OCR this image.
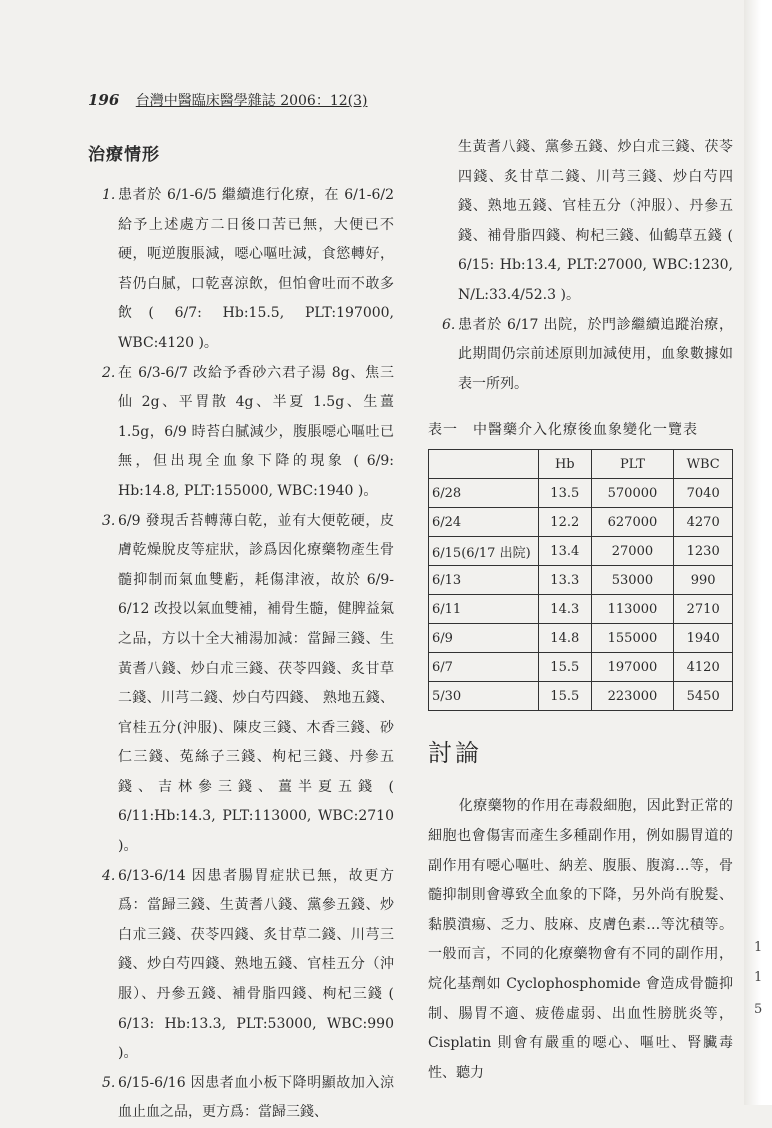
1
1
5
196 台灣中醫臨床醫學雜誌 2006：12(3)
治療情形

1. 患者於 6/1-6/5 繼續進行化療，在 6/1-6/2 給予上述處方二日後口苦已無，大便已不硬，呃逆腹脹減，噁心嘔吐減，食慾轉好，苔仍白膩，口乾喜涼飲，但怕會吐而不敢多飲( 6/7: Hb:15.5, PLT:197000, WBC:4120 )。

2. 在 6/3-6/7 改給予香砂六君子湯 8g、焦三仙 2g、平胃散 4g、半夏 1.5g、生薑 1.5g，6/9 時苔白膩減少，腹脹噁心嘔吐已無，但出現全血象下降的現象 ( 6/9: Hb:14.8, PLT:155000, WBC:1940 )。

3. 6/9 發現舌苔轉薄白乾，並有大便乾硬，皮膚乾燥脫皮等症狀，診爲因化療藥物產生骨髓抑制而氣血雙虧，耗傷津液，故於 6/9-6/12 改投以氣血雙補，補骨生髓，健脾益氣之品，方以十全大補湯加減：當歸三錢、生黃耆八錢、炒白朮三錢、茯苓四錢、炙甘草二錢、川芎二錢、炒白芍四錢、 熟地五錢、官桂五分(沖服)、陳皮三錢、木香三錢、砂仁三錢、菟絲子三錢、枸杞三錢、丹參五錢、吉林參三錢、薑半夏五錢 ( 6/11:Hb:14.3, PLT:113000, WBC:2710 )。

4. 6/13-6/14 因患者腸胃症狀已無，故更方爲：當歸三錢、生黃耆八錢、黨參五錢、炒白朮三錢、茯苓四錢、炙甘草二錢、川芎三錢、炒白芍四錢、熟地五錢、官桂五分（沖服）、丹參五錢、補骨脂四錢、枸杞三錢 ( 6/13: Hb:13.3, PLT:53000, WBC:990 )。

5. 6/15-6/16 因患者血小板下降明顯故加入涼血止血之品，更方爲：當歸三錢、

生黃耆八錢、黨參五錢、炒白朮三錢、茯苓四錢、炙甘草二錢、川芎三錢、炒白芍四錢、熟地五錢、官桂五分（沖服）、丹參五錢、補骨脂四錢、枸杞三錢、仙鶴草五錢 ( 6/15: Hb:13.4, PLT:27000, WBC:1230, N/L:33.4/52.3 )。

6. 患者於 6/17 出院，於門診繼續追蹤治療，此期間仍宗前述原則加減使用，血象數據如表一所列。

表一　中醫藥介入化療後血象變化一覽表
	Hb	PLT	WBC
6/28	13.5	570000	7040
6/24	12.2	627000	4270
6/15(6/17 出院)	13.4	27000	1230
6/13	13.3	53000	990
6/11	14.3	113000	2710
6/9	14.8	155000	1940
6/7	15.5	197000	4120
5/30	15.5	223000	5450
討論

化療藥物的作用在毒殺細胞，因此對正常的細胞也會傷害而產生多種副作用，例如腸胃道的副作用有噁心嘔吐、納差、腹脹、腹瀉…等，骨髓抑制則會導致全血象的下降，另外尚有脫髮、黏膜潰瘍、乏力、肢麻、皮膚色素…等沈積等。一般而言，不同的化療藥物會有不同的副作用，烷化基劑如 Cyclophosphomide 會造成骨髓抑制、腸胃不適、疲倦虛弱、出血性膀胱炎等，Cisplatin 則會有嚴重的噁心、嘔吐、腎臟毒性、聽力
